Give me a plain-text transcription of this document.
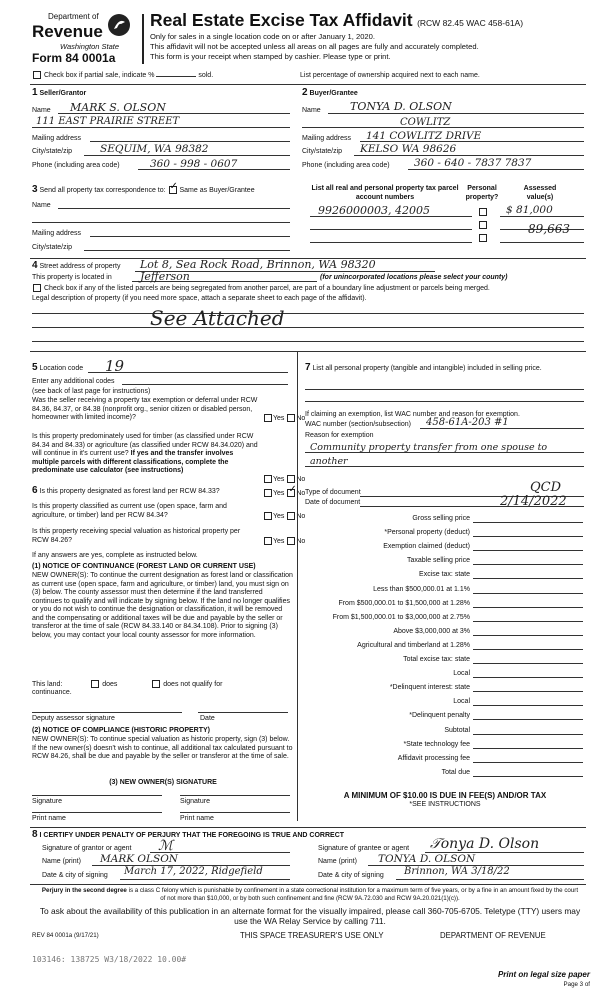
Department of
Revenue
Washington State
Form 84 0001a
Real Estate Excise Tax Affidavit (RCW 82.45 WAC 458-61A)
Only for sales in a single location code on or after January 1, 2020.
This affidavit will not be accepted unless all areas on all pages are fully and accurately completed.
This form is your receipt when stamped by cashier. Please type or print.
Check box if partial sale, indicate %	sold.	List percentage of ownership acquired next to each name.
1 Seller/Grantor
Name MARK S. OLSON
111 EAST PRAIRIE STREET
Mailing address
City/state/zip	SEQUIM, WA 98382
Phone (including area code)	360 - 998 - 0607
2 Buyer/Grantee
Name	TONYA D. OLSON
COWLITZ
Mailing address 141 COWLITZ DRIVE
City/state/zip KELSO WA 98626
Phone (including area code) 360 - 640 - 7837 7837
3 Send all property tax correspondence to: ✓ Same as Buyer/Grantee
Name
Mailing address
City/state/zip
List all real and personal property tax parcel account numbers
Personal property?
Assessed value(s)
9926000003, 42005	$ 81,000
89,663
4 Street address of property Lot 8, Sea Rock Road, Brinnon, WA 98320
This property is located in	Jefferson	(for unincorporated locations please select your county)
Check box if any of the listed parcels are being segregated from another parcel, are part of a boundary line adjustment or parcels being merged.
Legal description of property (if you need more space, attach a separate sheet to each page of the affidavit).
See Attached
5 Location code 19
Enter any additional codes
(see back of last page for instructions)
Was the seller receiving a property tax exemption or deferral under RCW 84.36, 84.37, or 84.38 (nonprofit org., senior citizen or disabled person, homeowner with limited income)?	Yes No
Is this property predominately used for timber (as classified under RCW 84.34 and 84.33) or agriculture (as classified under RCW 84.34.020) and will continue in it's current use? If yes and the transfer involves multiple parcels with different classifications, complete the predominate use calculator (see instructions)
Yes No
6 Is this property designated as forest land per RCW 84.33?	Yes ✓ No
Is this property classified as current use (open space, farm and agriculture, or timber) land per RCW 84.34?	Yes No
Is this property receiving special valuation as historical property per RCW 84.26?	Yes No
If any answers are yes, complete as instructed below.
(1) NOTICE OF CONTINUANCE (FOREST LAND OR CURRENT USE)
NEW OWNER(S): To continue the current designation as forest land or classification as current use (open space, farm and agriculture, or timber) land, you must sign on (3) below. The county assessor must then determine if the land transferred continues to qualify and will indicate by signing below. If the land no longer qualifies or you do not wish to continue the designation or classification, it will be removed and the compensating or additional taxes will be due and payable by the seller or transferor at the time of sale (RCW 84.33.140 or 84.34.108). Prior to signing (3) below, you may contact your local county assessor for more information.
This land:	does	does not qualify for
continuance.
Deputy assessor signature	Date
(2) NOTICE OF COMPLIANCE (HISTORIC PROPERTY)
NEW OWNER(S): To continue special valuation as historic property, sign (3) below. If the new owner(s) doesn't wish to continue, all additional tax calculated pursuant to RCW 84.26, shall be due and payable by the seller or transferor at the time of sale.
(3) NEW OWNER(S) SIGNATURE
Signature	Signature
Print name	Print name
7 List all personal property (tangible and intangible) included in selling price.
If claiming an exemption, list WAC number and reason for exemption.
WAC number (section/subsection) 458-61A-203 #1
Reason for exemption
Community property transfer from one spouse to another
Type of document	QCD
Date of document	2/14/2022
Gross selling price
*Personal property (deduct)
Exemption claimed (deduct)
Taxable selling price
Excise tax: state
Less than $500,000.01 at 1.1%
From $500,000.01 to $1,500,000 at 1.28%
From $1,500,000.01 to $3,000,000 at 2.75%
Above $3,000,000 at 3%
Agricultural and timberland at 1.28%
Total excise tax: state
Local
*Delinquent interest: state
Local
*Delinquent penalty
Subtotal
*State technology fee
Affidavit processing fee
Total due
A MINIMUM OF $10.00 IS DUE IN FEE(S) AND/OR TAX
*SEE INSTRUCTIONS
8 I CERTIFY UNDER PENALTY OF PERJURY THAT THE FOREGOING IS TRUE AND CORRECT
Signature of grantor or agent ℳ
Name (print) MARK OLSON
Date & city of signing March 17, 2022, Ridgefield
Signature of grantee or agent 𝒯onya D. Olson
Name (print) TONYA D. OLSON
Date & city of signing Brinnon, WA 3/18/22
Perjury in the second degree is a class C felony which is punishable by confinement in a state correctional institution for a maximum term of five years, or by a fine in an amount fixed by the court of not more than $10,000, or by both such confinement and fine (RCW 9A.72.030 and RCW 9A.20.021(1)(c)).
To ask about the availability of this publication in an alternate format for the visually impaired, please call 360-705-6705. Teletype (TTY) users may use the WA Relay Service by calling 711.
REV 84 0001a (9/17/21)	THIS SPACE TREASURER'S USE ONLY	DEPARTMENT OF REVENUE
103146: 138725 W3/18/2022 10.00#
Print on legal size paper
Page 3 of
